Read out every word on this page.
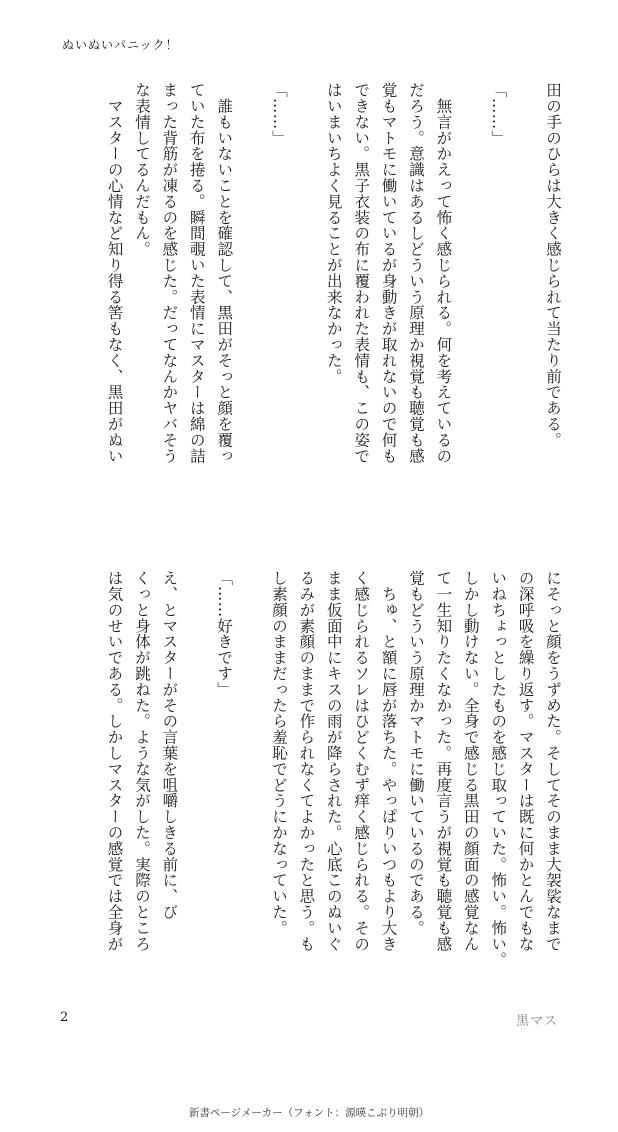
ぬいぬいパニック！
田の手のひらは大きく感じられて当たり前である。
「……」
　無言がかえって怖く感じられる。何を考えているの
だろう。意識はあるしどういう原理か視覚も聴覚も感
覚もマトモに働いているが身動きが取れないので何も
できない。黒子衣装の布に覆われた表情も、この姿で
はいまいちよく見ることが出来なかった。
「……」
　誰もいないことを確認して、黒田がそっと顔を覆っ
ていた布を捲る。瞬間覗いた表情にマスターは綿の詰
まった背筋が凍るのを感じた。だってなんかヤバそう
な表情してるんだもん。
　マスターの心情など知り得る筈もなく、黒田がぬい
にそっと顔をうずめた。そしてそのまま大袈裟なまで
の深呼吸を繰り返す。マスターは既に何かとんでもな
いねちょっとしたものを感じ取っていた。怖い。怖い。
しかし動けない。全身で感じる黒田の顔面の感覚なん
て一生知りたくなかった。再度言うが視覚も聴覚も感
覚もどういう原理かマトモに働いているのである。
　ちゅ、と額に唇が落ちた。やっぱりいつもより大き
く感じられるソレはひどくむず痒く感じられる。その
まま仮面中にキスの雨が降らされた。心底このぬいぐ
るみが素顔のままで作られなくてよかったと思う。も
し素顔のままだったら羞恥でどうにかなっていた。
「……好きです」
え、とマスターがその言葉を咀嚼しきる前に、び
くっと身体が跳ねた。ような気がした。実際のところ
は気のせいである。しかしマスターの感覚では全身が
2	黒マス
新書ページメーカー（フォント：源暎こぶり明朝）
